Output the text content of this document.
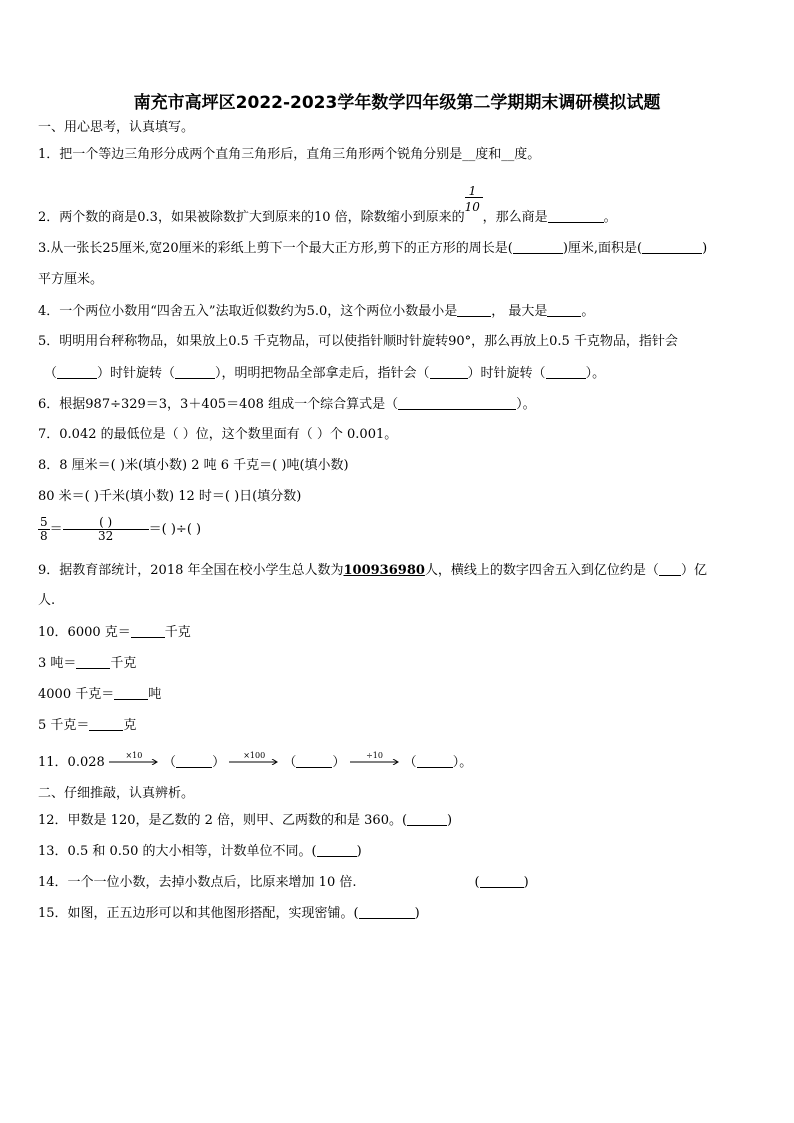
南充市高坪区2022-2023学年数学四年级第二学期期末调研模拟试题
一、用心思考，认真填写。
1．把一个等边三角形分成两个直角三角形后，直角三角形两个锐角分别是__度和__度。
2．两个数的商是0.3，如果被除数扩大到原来的10 倍，除数缩小到原来的 $\frac{1}{10}$ ，那么商是	。
3.从一张长25厘米,宽20厘米的彩纸上剪下一个最大正方形,剪下的正方形的周长是(	)厘米,面积是(	)
平方厘米。
4．一个两位小数用“四舍五入”法取近似数约为5.0，这个两位小数最小是	， 最大是	。
5．明明用台秤称物品，如果放上0.5 千克物品，可以使指针顺时针旋转90°，那么再放上0.5 千克物品，指针会
（	）时针旋转（	），明明把物品全部拿走后，指针会（	）时针旋转（	）。
6．根据987÷329＝3，3＋405＝408 组成一个综合算式是（	）。
7．0.042 的最低位是（ ）位，这个数里面有（ ）个 0.001。
8．8 厘米＝( )米(填小数) 2 吨 6 千克＝( )吨(填小数)
80 米＝( )千米(填小数) 12 时＝( )日(填分数)
$\frac{5}{8} = \frac{( )}{32}$ ＝( )÷( )
9．据教育部统计，2018 年全国在校小学生总人数为100936980人，横线上的数字四舍五入到亿位约是（ ）亿
人.
10．6000 克＝	千克
3 吨＝	千克
4000 千克＝	吨
5 千克＝	克
11．0.028	×10	（	）	×100	（	）	÷10	（	）。
二、仔细推敲，认真辨析。
12．甲数是 120，是乙数的 2 倍，则甲、乙两数的和是 360。(	)
13．0.5 和 0.50 的大小相等，计数单位不同。(	)
14．一个一位小数，去掉小数点后，比原来增加 10 倍.	(	)
15．如图，正五边形可以和其他图形搭配，实现密铺。(	)
